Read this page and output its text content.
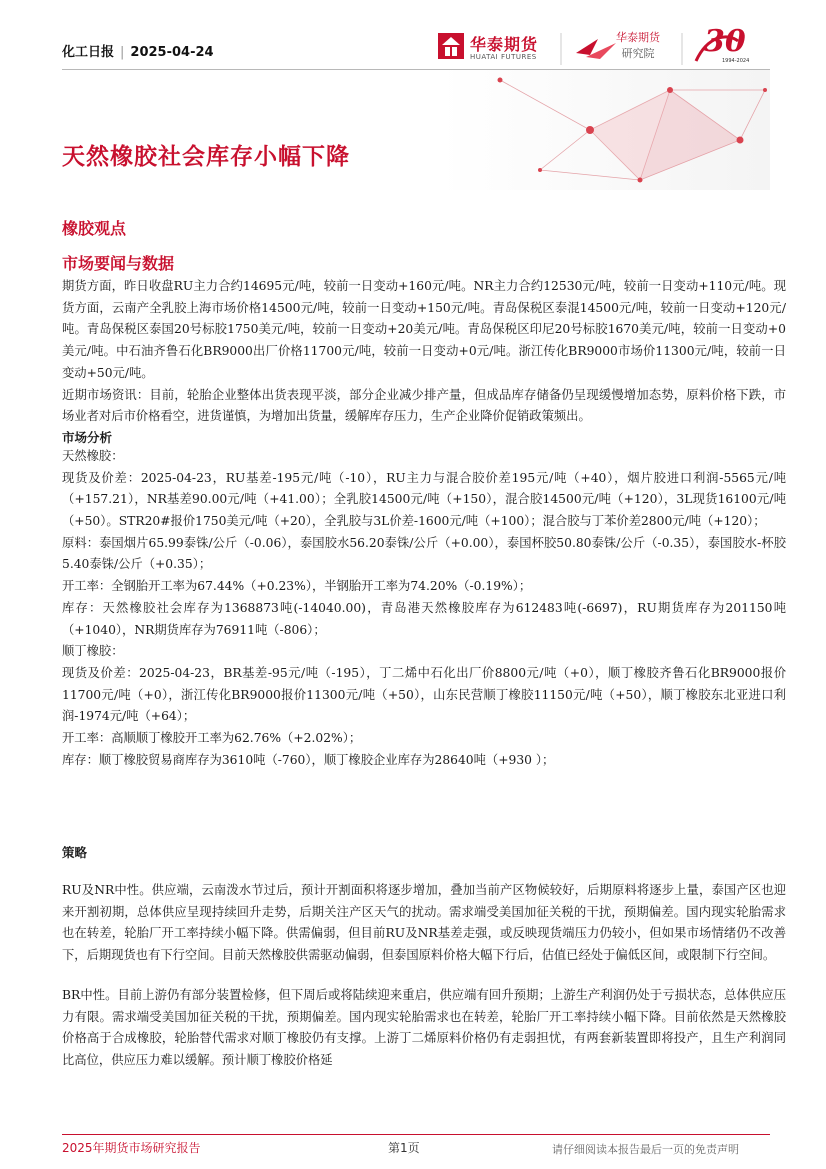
化工日报 | 2025-04-24	华泰期货
HUATAI FUTURES
华泰期货
研究院 30
1994-2024
天然橡胶社会库存小幅下降
橡胶观点
市场要闻与数据

期货方面，昨日收盘RU主力合约14695元/吨，较前一日变动+160元/吨。NR主力合约12530元/吨，较前一日变动+110元/吨。现货方面，云南产全乳胶上海市场价格14500元/吨，较前一日变动+150元/吨。青岛保税区泰混14500元/吨，较前一日变动+120元/吨。青岛保税区泰国20号标胶1750美元/吨，较前一日变动+20美元/吨。青岛保税区印尼20号标胶1670美元/吨，较前一日变动+0美元/吨。中石油齐鲁石化BR9000出厂价格11700元/吨，较前一日变动+0元/吨。浙江传化BR9000市场价11300元/吨，较前一日变动+50元/吨。

近期市场资讯：目前，轮胎企业整体出货表现平淡，部分企业减少排产量，但成品库存储备仍呈现缓慢增加态势，原料价格下跌，市场业者对后市价格看空，进货谨慎，为增加出货量，缓解库存压力，生产企业降价促销政策频出。

市场分析

天然橡胶：

现货及价差：2025-04-23，RU基差-195元/吨（-10），RU主力与混合胶价差195元/吨（+40），烟片胶进口利润-5565元/吨（+157.21），NR基差90.00元/吨（+41.00）；全乳胶14500元/吨（+150），混合胶14500元/吨（+120），3L现货16100元/吨（+50）。STR20#报价1750美元/吨（+20），全乳胶与3L价差-1600元/吨（+100）；混合胶与丁苯价差2800元/吨（+120）；

原料：泰国烟片65.99泰铢/公斤（-0.06），泰国胶水56.20泰铢/公斤（+0.00），泰国杯胶50.80泰铢/公斤（-0.35），泰国胶水-杯胶5.40泰铢/公斤（+0.35）；

开工率：全钢胎开工率为67.44%（+0.23%），半钢胎开工率为74.20%（-0.19%）；

库存：天然橡胶社会库存为1368873吨(-14040.00)，青岛港天然橡胶库存为612483吨(-6697)，RU期货库存为201150吨（+1040），NR期货库存为76911吨（-806）；

顺丁橡胶：

现货及价差：2025-04-23，BR基差-95元/吨（-195），丁二烯中石化出厂价8800元/吨（+0），顺丁橡胶齐鲁石化BR9000报价11700元/吨（+0），浙江传化BR9000报价11300元/吨（+50），山东民营顺丁橡胶11150元/吨（+50），顺丁橡胶东北亚进口利润-1974元/吨（+64）；

开工率：高顺顺丁橡胶开工率为62.76%（+2.02%）；

库存：顺丁橡胶贸易商库存为3610吨（-760），顺丁橡胶企业库存为28640吨（+930 ）；

策略

RU及NR中性。供应端，云南泼水节过后，预计开割面积将逐步增加，叠加当前产区物候较好，后期原料将逐步上量，泰国产区也迎来开割初期，总体供应呈现持续回升走势，后期关注产区天气的扰动。需求端受美国加征关税的干扰，预期偏差。国内现实轮胎需求也在转差，轮胎厂开工率持续小幅下降。供需偏弱，但目前RU及NR基差走强，或反映现货端压力仍较小，但如果市场情绪仍不改善下，后期现货也有下行空间。目前天然橡胶供需驱动偏弱，但泰国原料价格大幅下行后，估值已经处于偏低区间，或限制下行空间。

BR中性。目前上游仍有部分装置检修，但下周后或将陆续迎来重启，供应端有回升预期；上游生产利润仍处于亏损状态，总体供应压力有限。需求端受美国加征关税的干扰，预期偏差。国内现实轮胎需求也在转差，轮胎厂开工率持续小幅下降。目前依然是天然橡胶价格高于合成橡胶，轮胎替代需求对顺丁橡胶仍有支撑。上游丁二烯原料价格仍有走弱担忧，有两套新装置即将投产，且生产利润同比高位，供应压力难以缓解。预计顺丁橡胶价格延

2025年期货市场研究报告	第1页	请仔细阅读本报告最后一页的免责声明
